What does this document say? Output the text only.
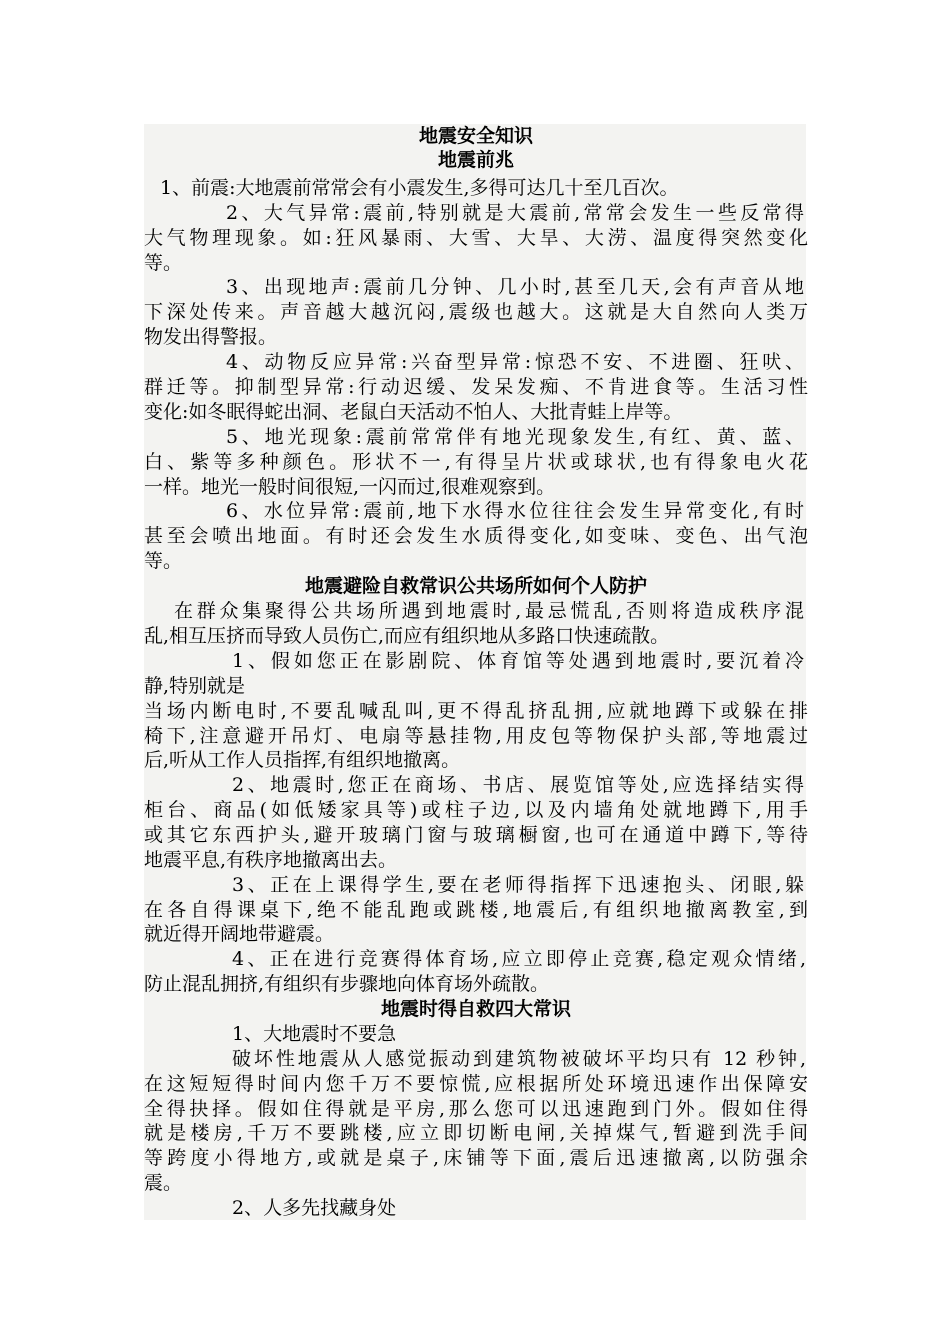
地震安全知识
地震前兆
1、前震:大地震前常常会有小震发生,多得可达几十至几百次。
2、大气异常:震前,特别就是大震前,常常会发生一些反常得
大气物理现象。如:狂风暴雨、大雪、大旱、大涝、温度得突然变化
等。
3、出现地声:震前几分钟、几小时,甚至几天,会有声音从地
下深处传来。声音越大越沉闷,震级也越大。这就是大自然向人类万
物发出得警报。
4、动物反应异常:兴奋型异常:惊恐不安、不进圈、狂吠、
群迁等。抑制型异常:行动迟缓、发呆发痴、不肯进食等。生活习性
变化:如冬眠得蛇出洞、老鼠白天活动不怕人、大批青蛙上岸等。
5、地光现象:震前常常伴有地光现象发生,有红、黄、蓝、
白、紫等多种颜色。形状不一,有得呈片状或球状,也有得象电火花
一样。地光一般时间很短,一闪而过,很难观察到。
6、水位异常:震前,地下水得水位往往会发生异常变化,有时
甚至会喷出地面。有时还会发生水质得变化,如变味、变色、出气泡
等。
地震避险自救常识公共场所如何个人防护
在群众集聚得公共场所遇到地震时,最忌慌乱,否则将造成秩序混
乱,相互压挤而导致人员伤亡,而应有组织地从多路口快速疏散。
1、假如您正在影剧院、体育馆等处遇到地震时,要沉着冷
静,特别就是
当场内断电时,不要乱喊乱叫,更不得乱挤乱拥,应就地蹲下或躲在排
椅下,注意避开吊灯、电扇等悬挂物,用皮包等物保护头部,等地震过
后,听从工作人员指挥,有组织地撤离。
2、地震时,您正在商场、书店、展览馆等处,应选择结实得
柜台、商品(如低矮家具等)或柱子边,以及内墙角处就地蹲下,用手
或其它东西护头,避开玻璃门窗与玻璃橱窗,也可在通道中蹲下,等待
地震平息,有秩序地撤离出去。
3、正在上课得学生,要在老师得指挥下迅速抱头、闭眼,躲
在各自得课桌下,绝不能乱跑或跳楼,地震后,有组织地撤离教室,到
就近得开阔地带避震。
4、正在进行竞赛得体育场,应立即停止竞赛,稳定观众情绪,
防止混乱拥挤,有组织有步骤地向体育场外疏散。
地震时得自救四大常识
1、大地震时不要急
破坏性地震从人感觉振动到建筑物被破坏平均只有 12 秒钟,
在这短短得时间内您千万不要惊慌,应根据所处环境迅速作出保障安
全得抉择。假如住得就是平房,那么您可以迅速跑到门外。假如住得
就是楼房,千万不要跳楼,应立即切断电闸,关掉煤气,暂避到洗手间
等跨度小得地方,或就是桌子,床铺等下面,震后迅速撤离,以防强余
震。
2、人多先找藏身处
